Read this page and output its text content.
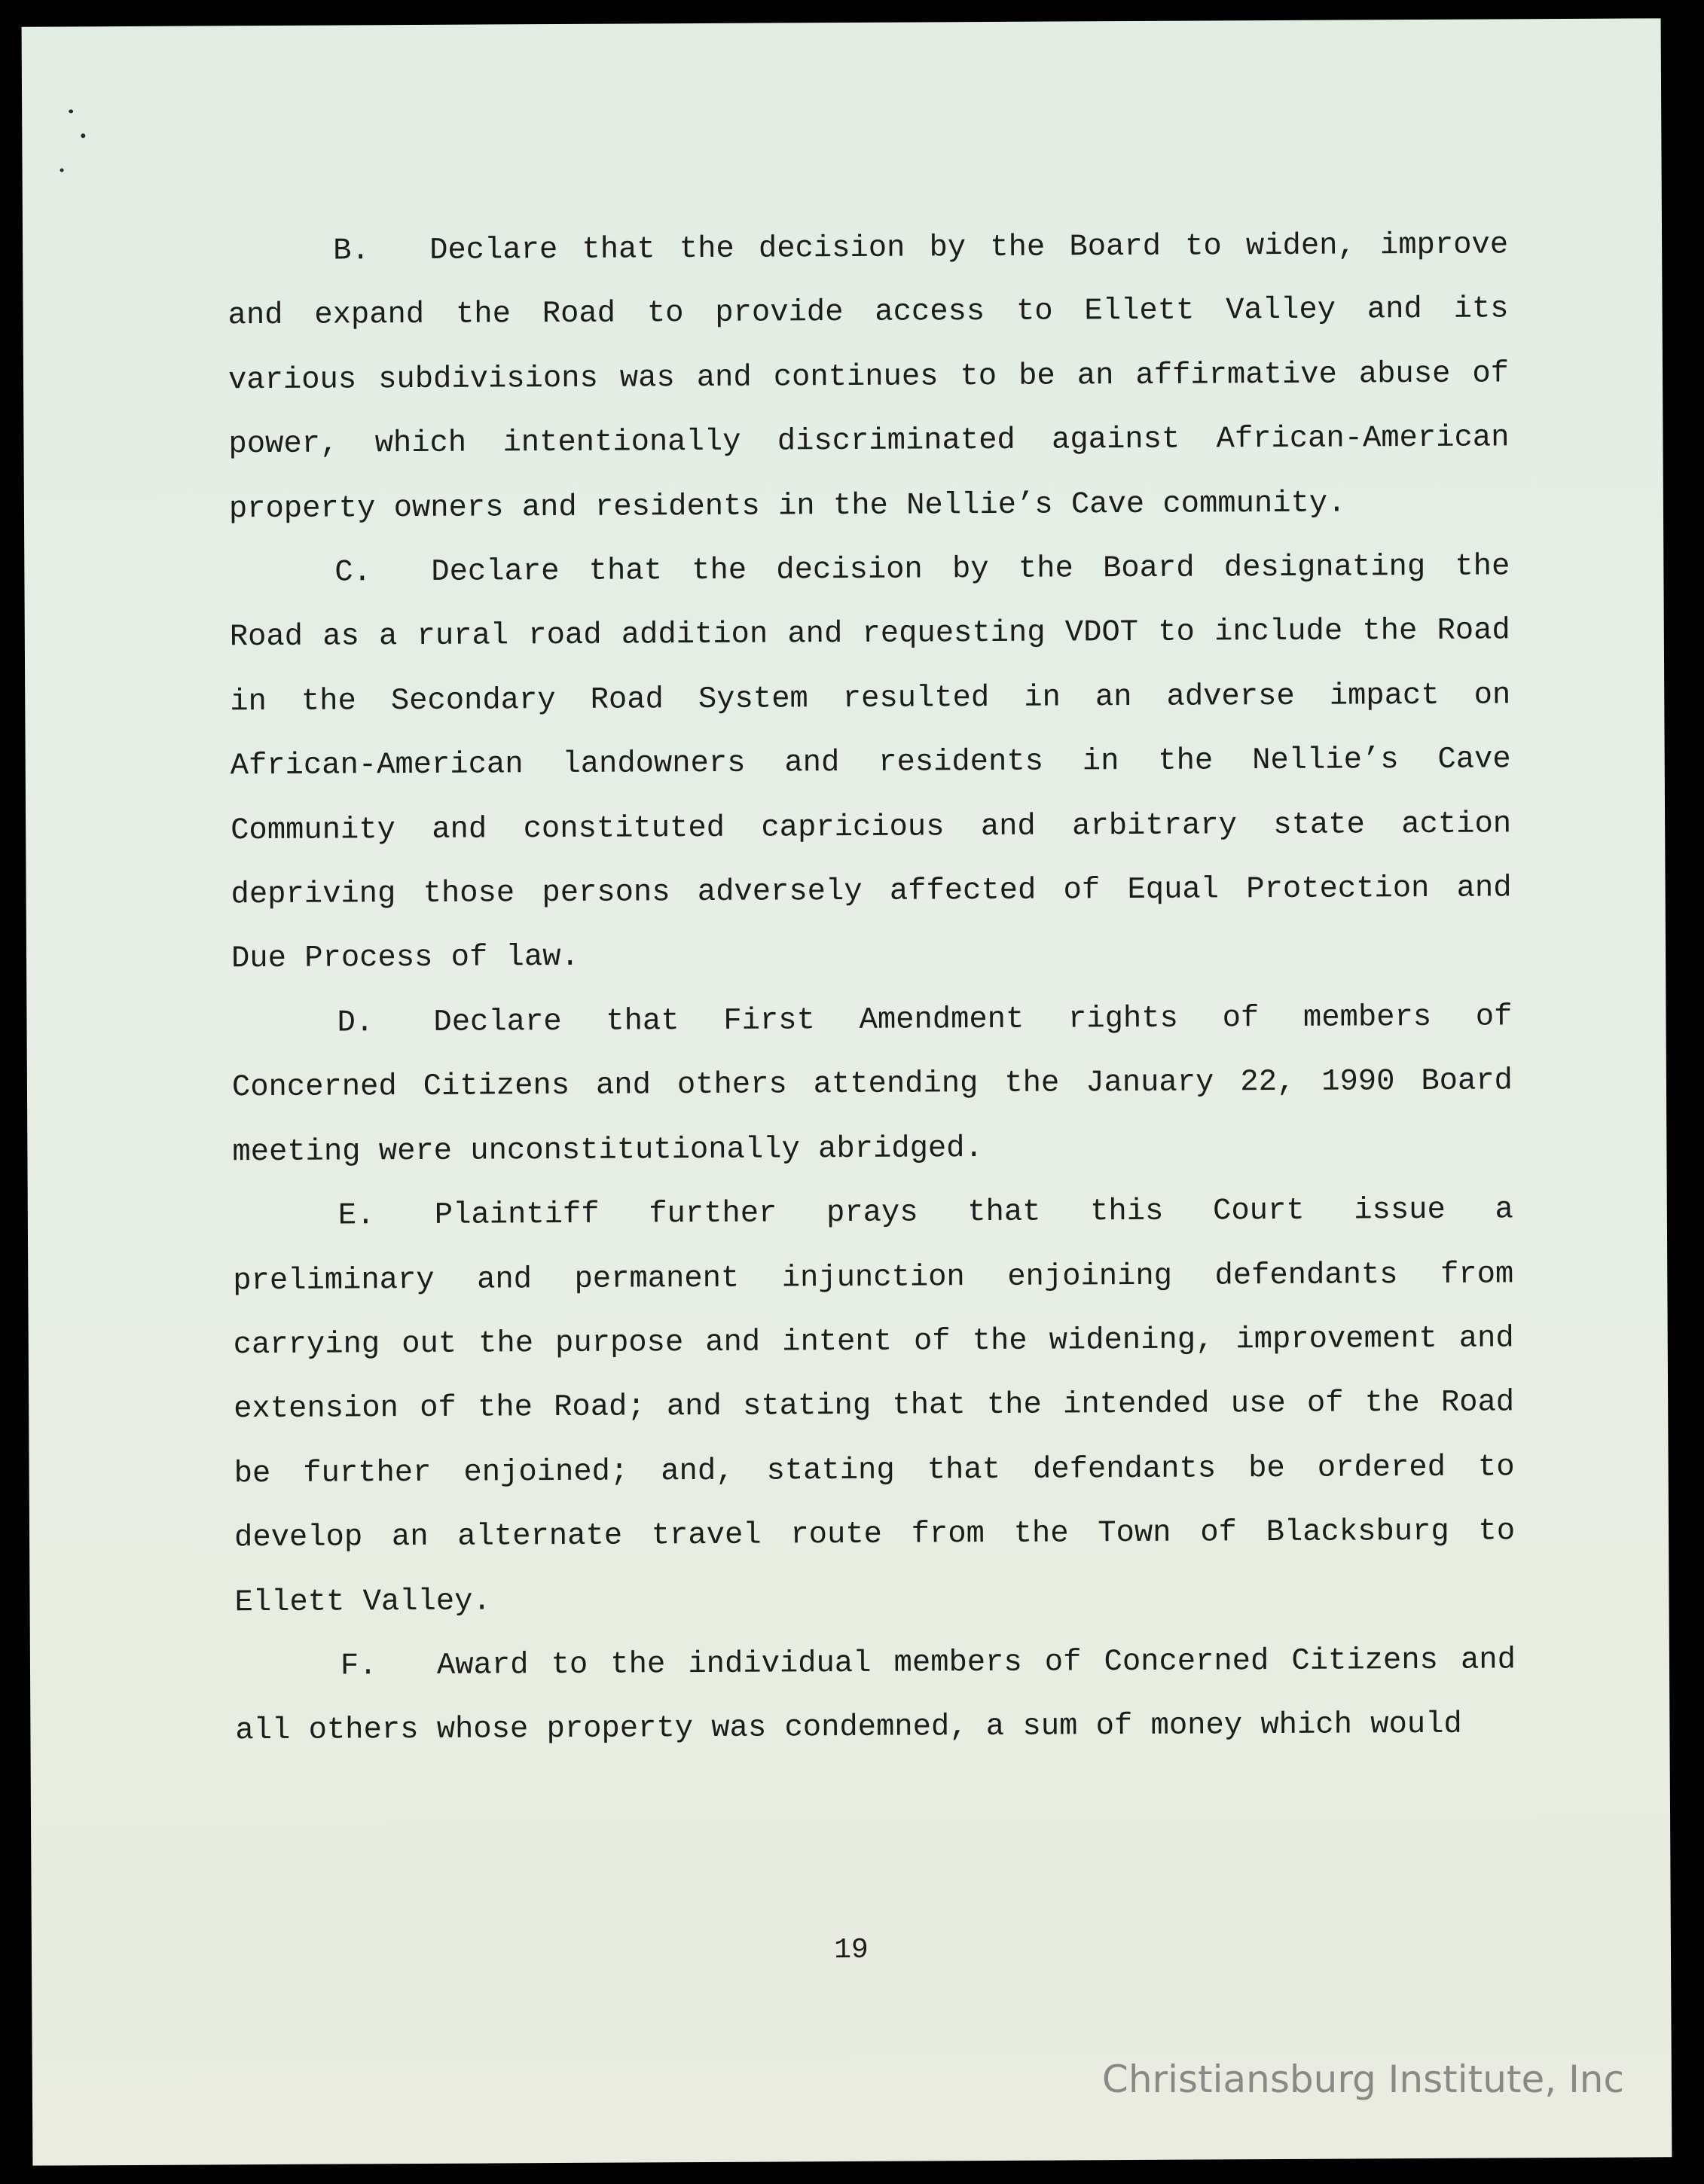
B. Declare that the decision by the Board to widen, improve and expand the Road to provide access to Ellett Valley and its various subdivisions was and continues to be an affirmative abuse of power, which intentionally discriminated against African-American property owners and residents in the Nellie’s Cave community.

C. Declare that the decision by the Board designating the Road as a rural road addition and requesting VDOT to include the Road in the Secondary Road System resulted in an adverse impact on African-American landowners and residents in the Nellie’s Cave Community and constituted capricious and arbitrary state action depriving those persons adversely affected of Equal Protection and Due Process of law.

D. Declare that First Amendment rights of members of Concerned Citizens and others attending the January 22, 1990 Board meeting were unconstitutionally abridged.

E. Plaintiff further prays that this Court issue a preliminary and permanent injunction enjoining defendants from carrying out the purpose and intent of the widening, improvement and extension of the Road; and stating that the intended use of the Road be further enjoined; and, stating that defendants be ordered to develop an alternate travel route from the Town of Blacksburg to Ellett Valley.

F. Award to the individual members of Concerned Citizens and all others whose property was condemned, a sum of money which would

19
Christiansburg Institute, Inc
